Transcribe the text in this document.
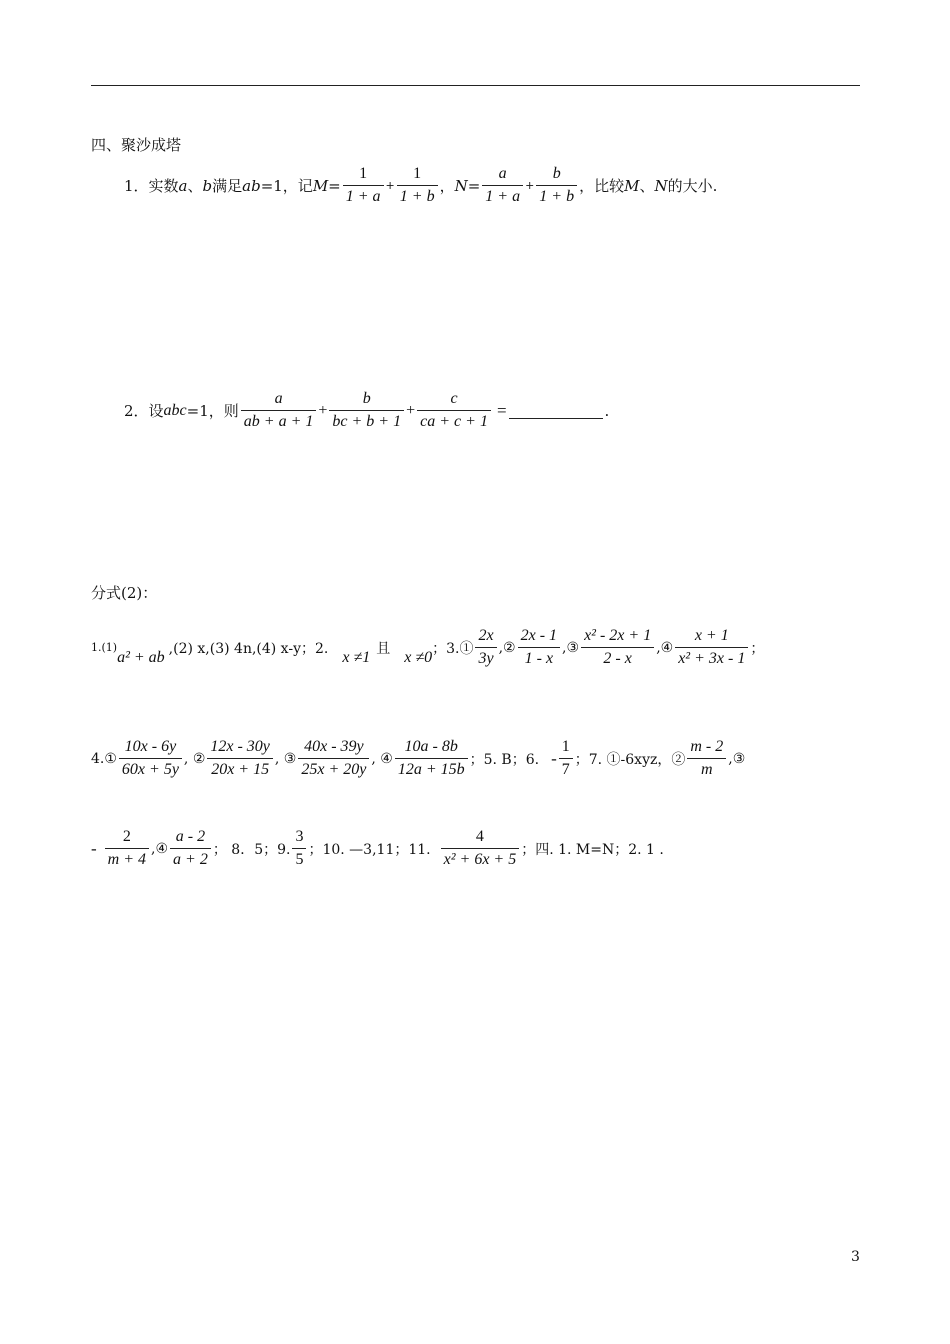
四、聚沙成塔
1．实数 a 、 b 满足 ab =1，记 $M = \frac{1}{1 + a} + \frac{1}{1 + b}$ ， $N = \frac{a}{1 + a} + \frac{b}{1 + b}$ ，比较 M 、 N 的大小.
2．设 abc =1，则 $\frac{a}{ab + a + 1} + \frac{b}{bc + b + 1} + \frac{c}{ca + c + 1}$ =	.
分式(2)：
1.(1)
a² + ab ,(2) x,(3) 4n,(4) x-y；2. x ≠1 且 x ≠0 ；3.① $\frac{2x}{3y}$ ,② $\frac{2x - 1}{1 - x}$ ,③ $\frac{\text{x² - 2x + 1}}{2 - x}$ ,④ $\frac{x + 1}{\text{x² + 3x - 1}}$ ；
4.① $\frac{10x - 6y}{60x + 5y}$ , ② $\frac{12x - 30y}{20x + 15}$ , ③ $\frac{40x - 39y}{25x + 20y}$ , ④ $\frac{10a - 8b}{12a + 15b}$ ；5. B；6. - $\frac{1}{7}$ ；7. ①-6xyz，② $\frac{m - 2}{m}$ ,③
- $\frac{2}{m + 4}$ ,④ $\frac{a - 2}{a + 2}$ ； 8．5；9. $\frac{3}{5}$ ；10. —3,11；11. $\frac{4}{\text{x² + 6x + 5}}$ ；四. 1. M=N；2. 1 .
3
